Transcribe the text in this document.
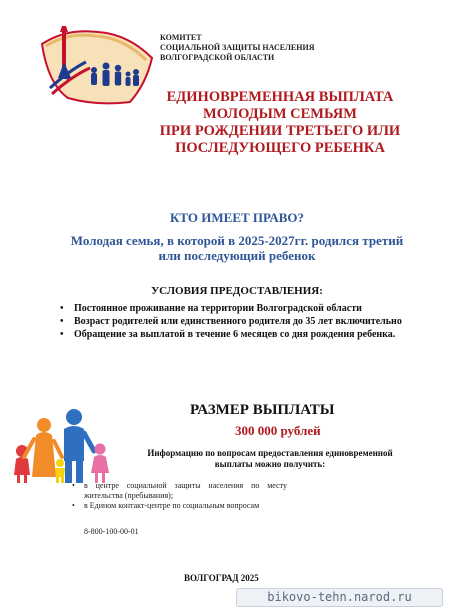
КОМИТЕТ
СОЦИАЛЬНОЙ ЗАЩИТЫ НАСЕЛЕНИЯ
ВОЛГОГРАДСКОЙ ОБЛАСТИ
ЕДИНОВРЕМЕННАЯ ВЫПЛАТА
МОЛОДЫМ СЕМЬЯМ
ПРИ РОЖДЕНИИ ТРЕТЬЕГО ИЛИ
ПОСЛЕДУЮЩЕГО РЕБЕНКА
КТО ИМЕЕТ ПРАВО?
Молодая семья, в которой в 2025-2027гг. родился третий
или последующий ребенок
УСЛОВИЯ ПРЕДОСТАВЛЕНИЯ:
• Постоянное проживание на территории Волгоградской области
• Возраст родителей или единственного родителя до 35 лет включительно
• Обращение за выплатой в течение 6 месяцев со дня рождения ребенка.
РАЗМЕР ВЫПЛАТЫ
300 000 рублей
Информацию по вопросам предоставления единовременной
выплаты можно получить:
• в центре социальной защиты населения по месту жительства (пребывания);
• в Едином контакт-центре по социальным вопросам
8-800-100-00-01
ВОЛГОГРАД 2025
bikovo-tehn.narod.ru
